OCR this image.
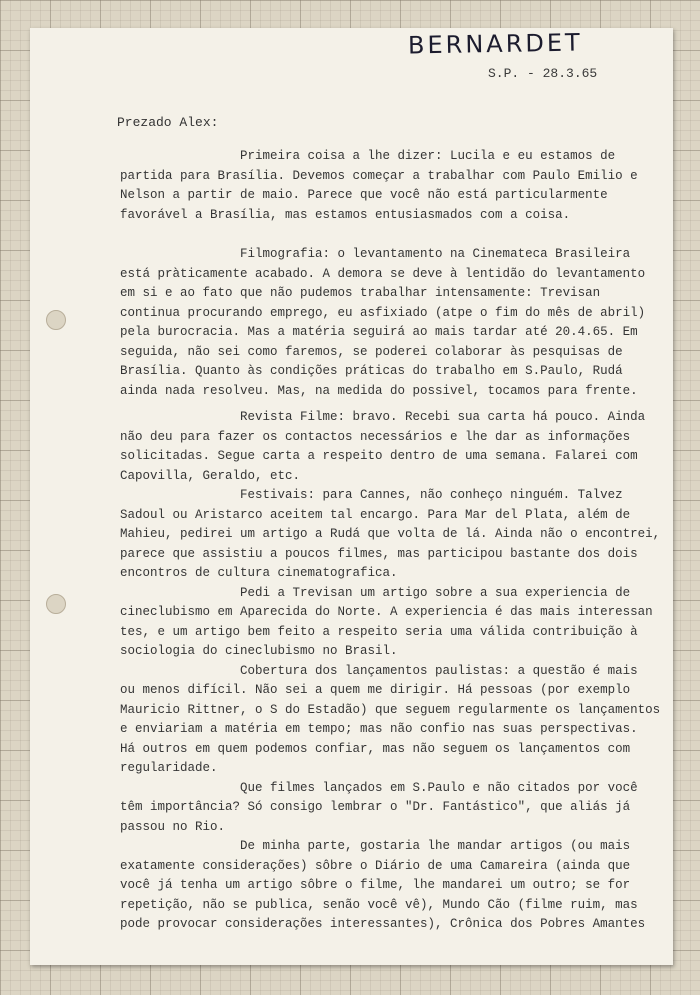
BERNARDET
S.P. - 28.3.65
Prezado Alex:
Primeira coisa a lhe dizer: Lucila e eu estamos de
partida para Brasília. Devemos começar a trabalhar com Paulo Emilio e
Nelson a partir de maio. Parece que você não está particularmente
favorável a Brasília, mas estamos entusiasmados com a coisa.
Filmografia: o levantamento na Cinemateca Brasileira
está pràticamente acabado. A demora se deve à lentidão do levantamento
em si e ao fato que não pudemos trabalhar intensamente: Trevisan
continua procurando emprego, eu asfixiado (atpe o fim do mês de abril)
pela burocracia. Mas a matéria seguirá ao mais tardar até 20.4.65. Em
seguida, não sei como faremos, se poderei colaborar às pesquisas de
Brasília. Quanto às condições práticas do trabalho em S.Paulo, Rudá
ainda nada resolveu. Mas, na medida do possivel, tocamos para frente.
Revista Filme: bravo. Recebi sua carta há pouco. Ainda
não deu para fazer os contactos necessários e lhe dar as informações
solicitadas. Segue carta a respeito dentro de uma semana. Falarei com
Capovilla, Geraldo, etc.
Festivais: para Cannes, não conheço ninguém. Talvez
Sadoul ou Aristarco aceitem tal encargo. Para Mar del Plata, além de
Mahieu, pedirei um artigo a Rudá que volta de lá. Ainda não o encontrei,
parece que assistiu a poucos filmes, mas participou bastante dos dois
encontros de cultura cinematografica.
Pedi a Trevisan um artigo sobre a sua experiencia de
cineclubismo em Aparecida do Norte. A experiencia é das mais interessan
tes, e um artigo bem feito a respeito seria uma válida contribuição à
sociologia do cineclubismo no Brasil.
Cobertura dos lançamentos paulistas: a questão é mais
ou menos difícil. Não sei a quem me dirigir. Há pessoas (por exemplo
Mauricio Rittner, o S do Estadão) que seguem regularmente os lançamentos
e enviariam a matéria em tempo; mas não confio nas suas perspectivas.
Há outros em quem podemos confiar, mas não seguem os lançamentos com
regularidade.
Que filmes lançados em S.Paulo e não citados por você
têm importância? Só consigo lembrar o "Dr. Fantástico", que aliás já
passou no Rio.
De minha parte, gostaria lhe mandar artigos (ou mais
exatamente considerações) sôbre o Diário de uma Camareira (ainda que
você já tenha um artigo sôbre o filme, lhe mandarei um outro; se for
repetição, não se publica, senão você vê), Mundo Cão (filme ruim, mas
pode provocar considerações interessantes), Crônica dos Pobres Amantes
